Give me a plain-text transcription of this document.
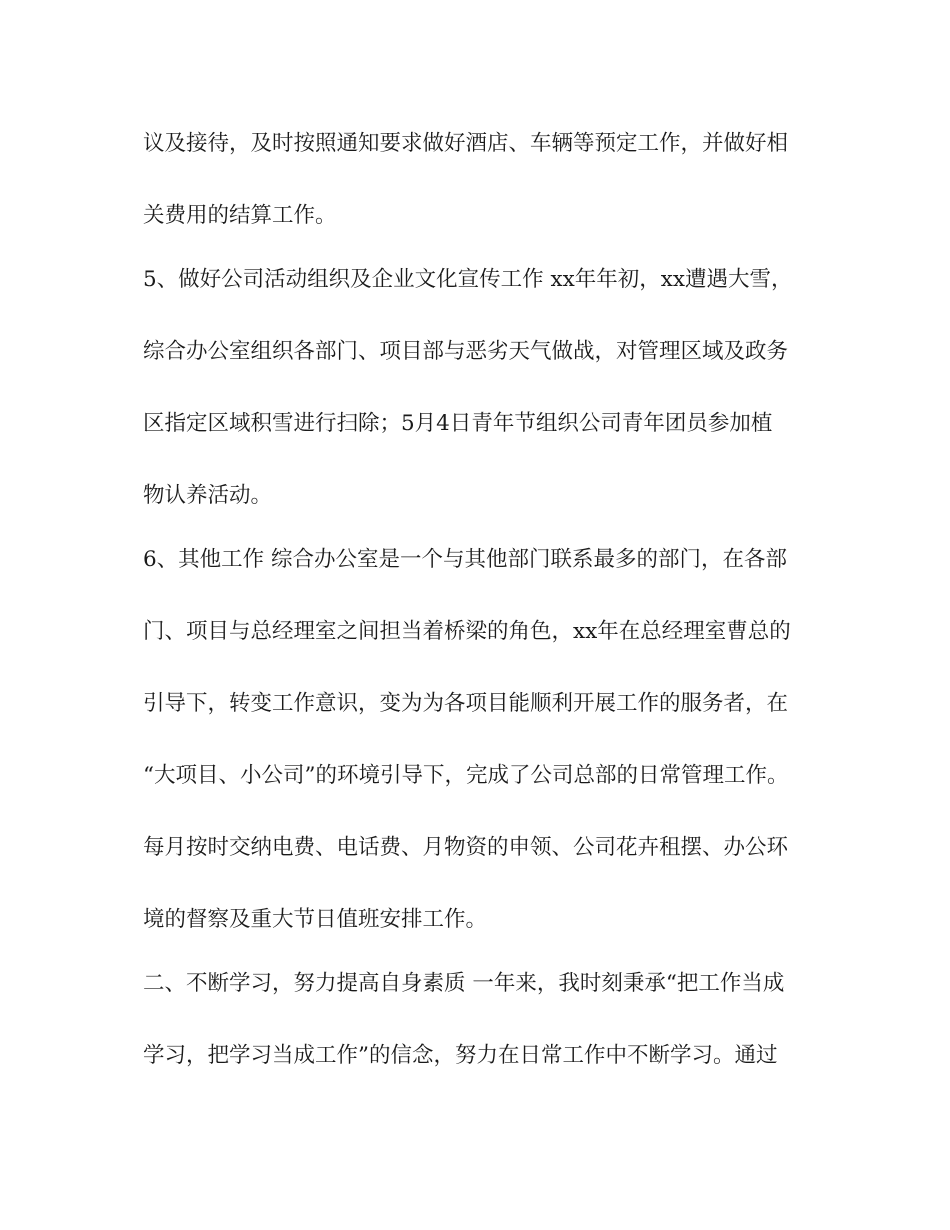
议及接待，及时按照通知要求做好酒店、车辆等预定工作，并做好相
关费用的结算工作。
5、做好公司活动组织及企业文化宣传工作 xx年年初，xx遭遇大雪，
综合办公室组织各部门、项目部与恶劣天气做战，对管理区域及政务
区指定区域积雪进行扫除；5月4日青年节组织公司青年团员参加植
物认养活动。
6、其他工作 综合办公室是一个与其他部门联系最多的部门，在各部
门、项目与总经理室之间担当着桥梁的角色，xx年在总经理室曹总的
引导下，转变工作意识，变为为各项目能顺利开展工作的服务者，在
“大项目、小公司”的环境引导下，完成了公司总部的日常管理工作。
每月按时交纳电费、电话费、月物资的申领、公司花卉租摆、办公环
境的督察及重大节日值班安排工作。
二、不断学习，努力提高自身素质 一年来，我时刻秉承“把工作当成
学习，把学习当成工作”的信念，努力在日常工作中不断学习。通过
